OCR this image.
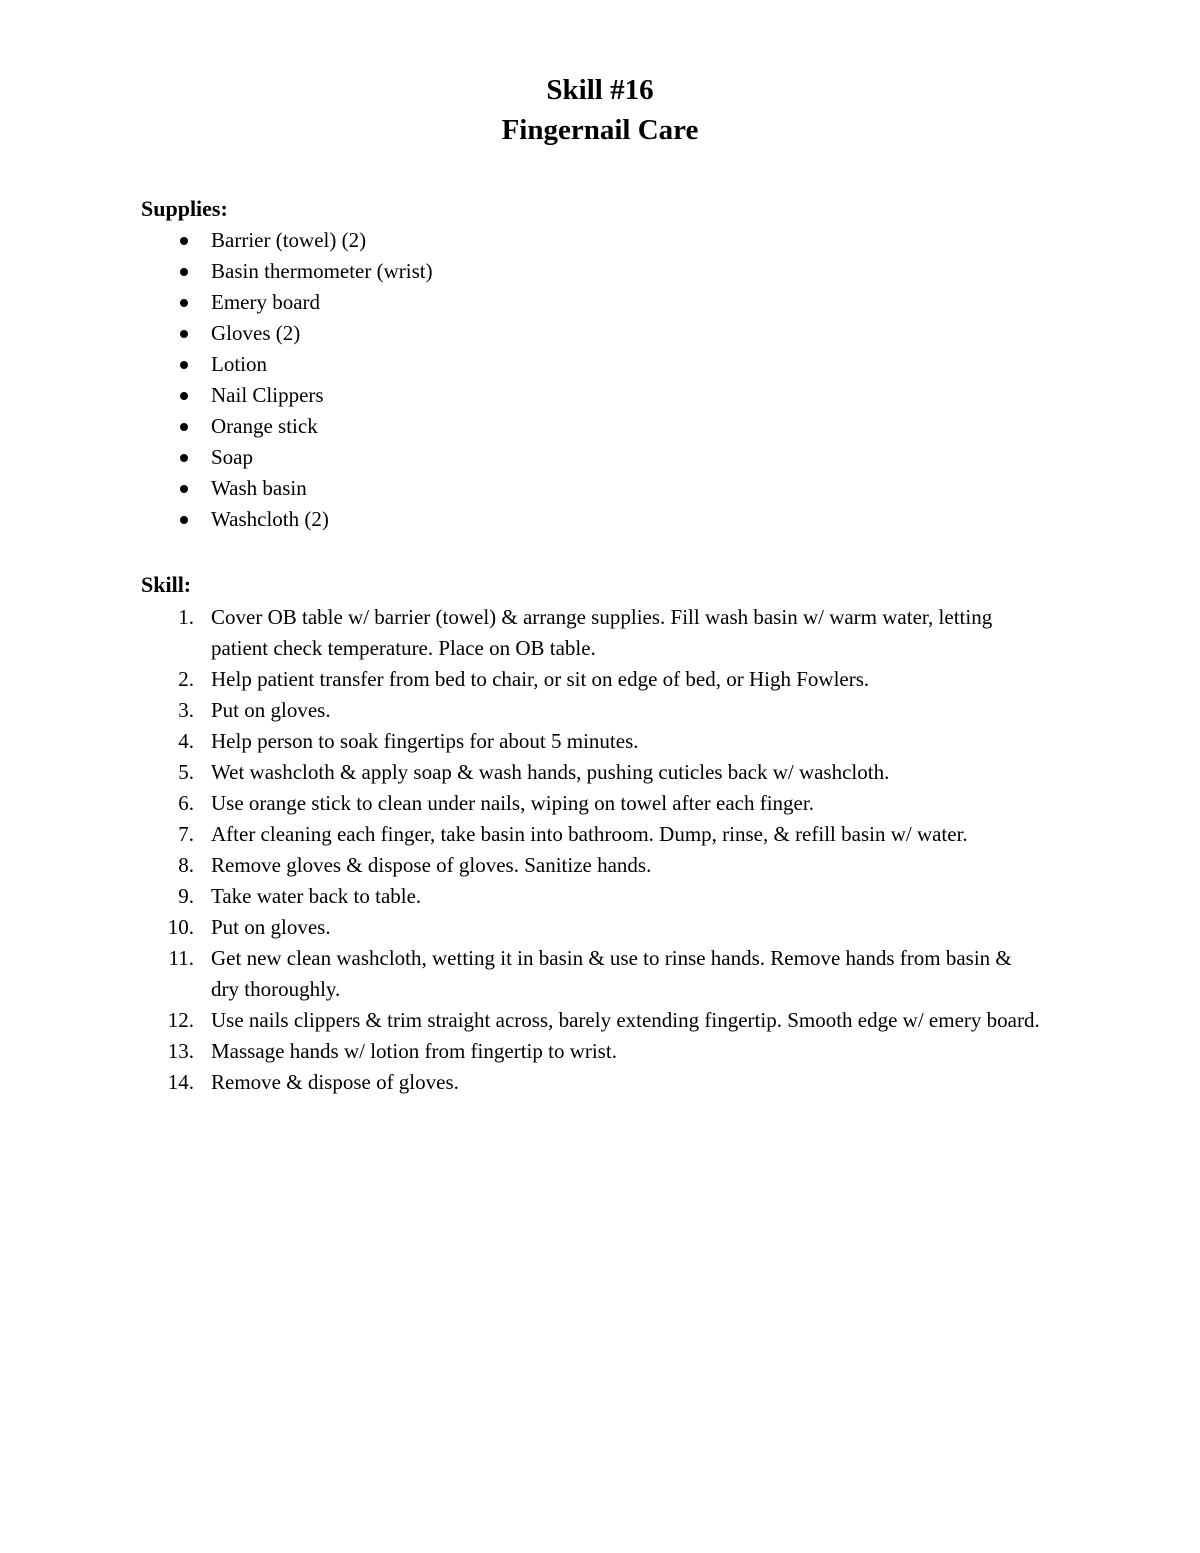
Skill #16
Fingernail Care
Supplies:
Barrier (towel) (2)
Basin thermometer (wrist)
Emery board
Gloves (2)
Lotion
Nail Clippers
Orange stick
Soap
Wash basin
Washcloth (2)
Skill:
1. Cover OB table w/ barrier (towel) & arrange supplies. Fill wash basin w/ warm water, letting patient check temperature. Place on OB table.
2. Help patient transfer from bed to chair, or sit on edge of bed, or High Fowlers.
3. Put on gloves.
4. Help person to soak fingertips for about 5 minutes.
5. Wet washcloth & apply soap & wash hands, pushing cuticles back w/ washcloth.
6. Use orange stick to clean under nails, wiping on towel after each finger.
7. After cleaning each finger, take basin into bathroom. Dump, rinse, & refill basin w/ water.
8. Remove gloves & dispose of gloves. Sanitize hands.
9. Take water back to table.
10. Put on gloves.
11. Get new clean washcloth, wetting it in basin & use to rinse hands. Remove hands from basin & dry thoroughly.
12. Use nails clippers & trim straight across, barely extending fingertip. Smooth edge w/ emery board.
13. Massage hands w/ lotion from fingertip to wrist.
14. Remove & dispose of gloves.
